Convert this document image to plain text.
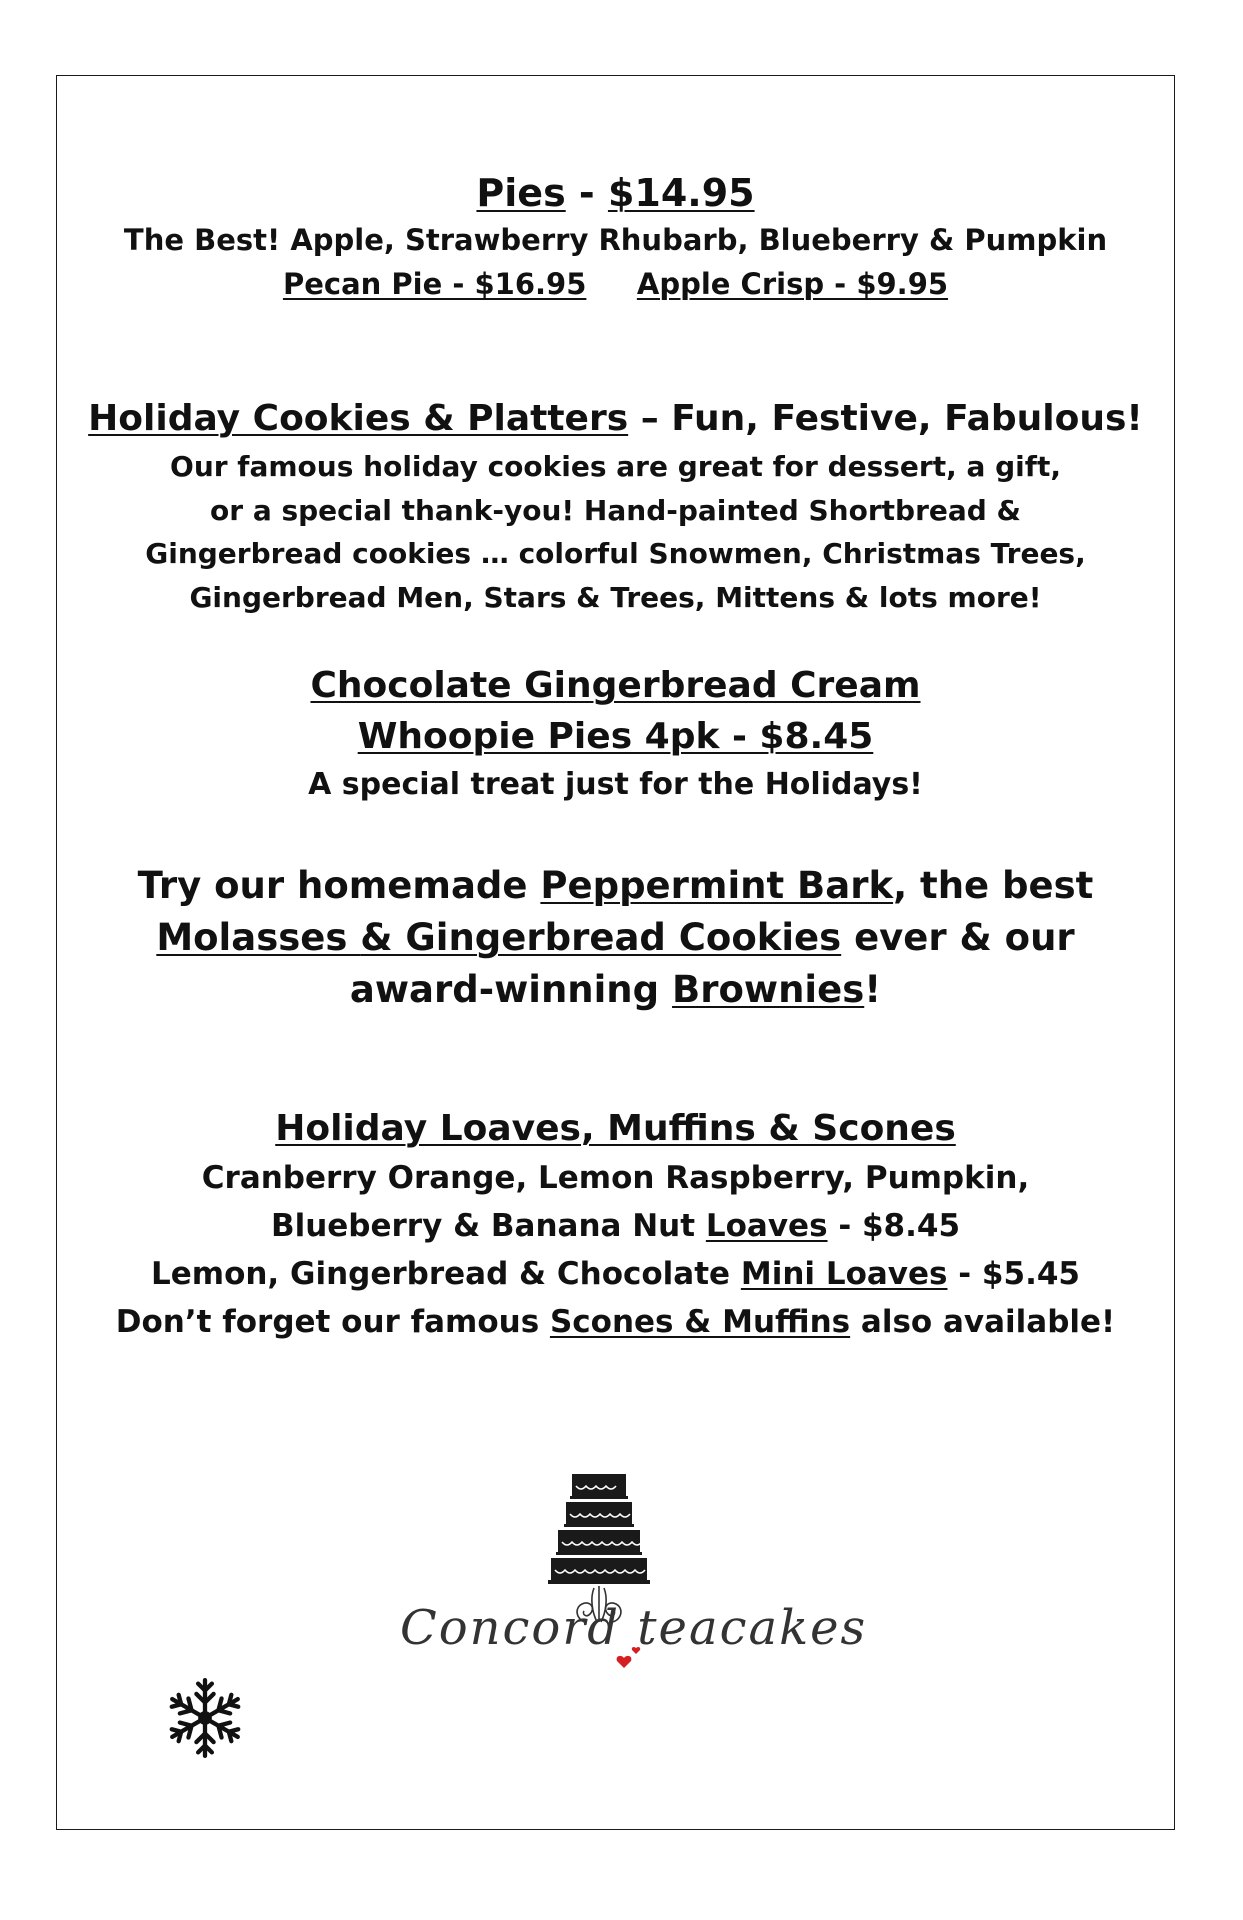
Pies - $14.95
The Best! Apple, Strawberry Rhubarb, Blueberry & Pumpkin
Pecan Pie - $16.95 Apple Crisp - $9.95
Holiday Cookies & Platters – Fun, Festive, Fabulous!
Our famous holiday cookies are great for dessert, a gift,
or a special thank-you! Hand-painted Shortbread &
Gingerbread cookies … colorful Snowmen, Christmas Trees,
Gingerbread Men, Stars & Trees, Mittens & lots more!
Chocolate Gingerbread Cream
Whoopie Pies 4pk - $8.45
A special treat just for the Holidays!
Try our homemade Peppermint Bark, the best
Molasses & Gingerbread Cookies ever & our
award-winning Brownies!
Holiday Loaves, Muffins & Scones
Cranberry Orange, Lemon Raspberry, Pumpkin,
Blueberry & Banana Nut Loaves - $8.45
Lemon, Gingerbread & Chocolate Mini Loaves - $5.45
Don’t forget our famous Scones & Muffins also available!
Concord teacakes
